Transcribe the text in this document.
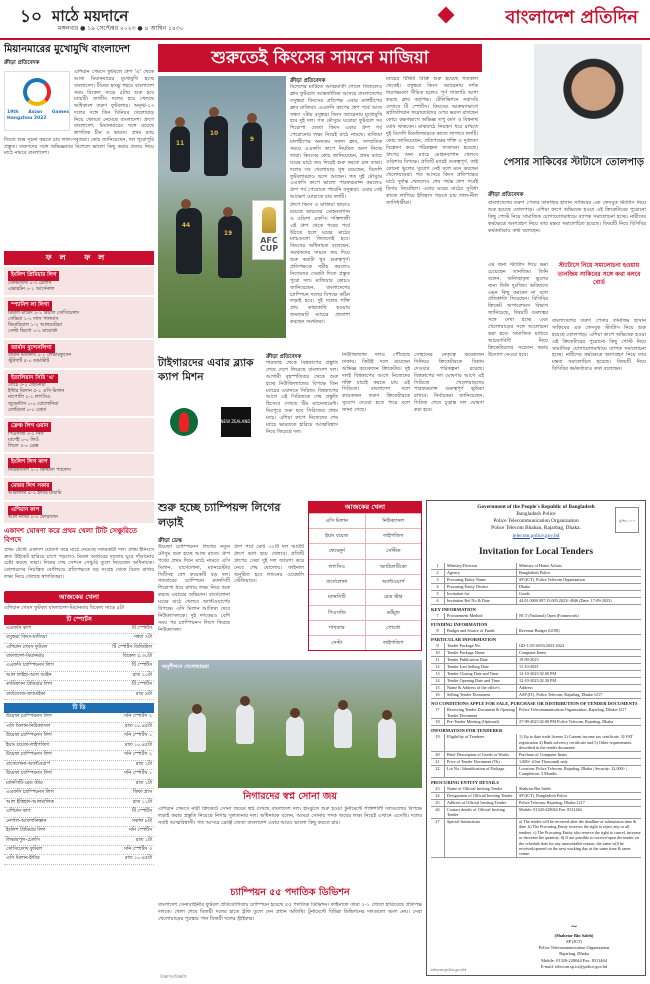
১০ মাঠে ময়দানে
মঙ্গলবার ● ১৯ সেপ্টেম্বর ২০২৩ ● ৪ আশ্বিন ১৪৩০
বাংলাদেশ প্রতিদিন
মিয়ানমারের মুখোমুখি বাংলাদেশ
ক্রীড়া প্রতিবেদক
19th Asian Games Hangzhou 2022
এশিয়ান গেমসে ফুটবলে গ্রুপ 'এ' থেকে আজ মিয়ানমারের মুখোমুখি হচ্ছে বাংলাদেশ। চীনের হাংঝু শহরে বাংলাদেশ সময় বিকেল সাড়ে ৫টায় শুরু হবে ম্যাচটি। জাতীয় দলের হয়ে খেলছে অধিকাংশ তরুণ ফুটবলার। অনূর্ধ্ব-২৩ দলের সঙ্গে তিন সিনিয়র খেলোয়াড় নিয়ে খেলতে নেমেছে বাংলাদেশ। গ্রুপে বাংলাদেশ, মিয়ানমারের সঙ্গে রয়েছে স্বাগতিক চীন ও ভারত। প্রথম ম্যাচ জিতে শুভ সূচনা করতে চায় লাল-সবুজরা। কোচ জানিয়েছেন, দল পুরোপুরি প্রস্তুত। তরুণদের সঙ্গে অভিজ্ঞতার মিশেলে ভালো কিছু করার প্রত্যয় নিয়ে মাঠে নামবে বাংলাদেশ।
ফল ফল
ইংলিশ প্রিমিয়ার লিগ
বোর্নমাউথ ০-৩ চেলসি
এভারটন ০-১ আর্সেনাল
স্প্যানিশ লা লিগা
রিয়াল মাদ্রিদ ২-১ রিয়াল সোসিয়েদাদ
সেভিয়া ১-১ লাস পালমাস
ভিয়ারিয়াল ১-২ আলমেরিয়া
সেল্টা ভিগো ০-১ মায়োর্কা
জার্মান বুন্দেসলিগা
বায়ার্ন মিউনিখ ২-১ লেভারকুসেন
স্টুটগার্ট ৫-০ ডার্মস্টাট
ইতালিয়ান সিরি 'এ'
লেচে ৩-২ জেনোয়া
ইন্টার মিলান ৫-১ এসি মিলান
নাপোলি ২-১ লাৎসিও
জুভেন্টাস ০-০ বোলোনিয়া
তোরিনো ০-০ রোমা
ফ্রেঞ্চ লিগ ওয়ান
পিএসজি ৩-১ নিস
মার্শেই ০-০ লিওঁ
লিলে ৩-০ ব্রেস্ত
ইংলিশ লিগ কাপ
নিউক্যাসল ২-১ ক্রিস্টাল প্যালেস
মেজর লিগ সকার
আটলান্টা ৫-২ ইন্টার মায়ামি
এশিয়ান কাপ
আল নাসর ২-০ ফোরজান
একাদশ ঘোষণা করে প্রথম খেলা টিটি সেঞ্চুরিতে বিপদে
প্রথম টেস্টে একাদশ ঘোষণা করে মাঠে নেমেছে সফরকারী দল। প্রথম ইনিংসে দ্রুত উইকেট হারিয়ে চাপে পড়লেও মিডল অর্ডারের দৃঢ়তায় ঘুরে দাঁড়ানোর চেষ্টা করছে তারা। দিনের শেষ সেশনে সেঞ্চুরি তুলে নিয়েছেন অধিনায়ক। বোলারদের নিয়ন্ত্রিত বোলিংয়ে প্রতিপক্ষকে বড় সংগ্রহ থেকে বিরত রাখার লক্ষ্য নিয়ে খেলছে স্বাগতিকরা।
আজকের খেলা
এশিয়ান গেমস ফুটবল বাংলাদেশ-মিয়ানমার বিকেল সাড়ে ৫টা
টি স্পোর্টস
এএফসি কাপ	টি স্পোর্টস
বসুন্ধরা কিংস-মাজিয়া	সন্ধ্যা ৭টা
এশিয়ান গেমস ফুটবল	টি স্পোর্টস ডিজিটাল
বাংলাদেশ-মিয়ানমার	বিকেল ৫.৩০টা
এএফসি চ্যাম্পিয়নস লিগ	টি স্পোর্টস
আল ফাইহা-আল আইন	রাত ১০টা
কার্ডিফ্যান প্রিমিয়ার লিগ	টি স্পোর্টস
বার্বাডোজ-জ্যামাইকা	রাত ৪টা
টি ডি
উয়েফা চ্যাম্পিয়নস লিগ	সনি স্পোর্টস ২
এসি মিলান-নিউক্যাসল	রাত ১০.৪৫টা
উয়েফা চ্যাম্পিয়নস লিগ	সনি স্পোর্টস ১
ইয়াং বয়েজ-লাইপজিগ	রাত ১০.৪৫টা
উয়েফা চ্যাম্পিয়নস লিগ	সনি স্পোর্টস ২
বার্সেলোনা-অ্যান্টওয়ার্প	রাত ১টা
উয়েফা চ্যাম্পিয়নস লিগ	সনি স্পোর্টস ১
ম্যানসিটি-রেড স্টার	রাত ১টা
এএফসি চ্যাম্পিয়নস লিগ	ফিফা প্লাস
আল ইত্তিহাদ-আলমালিক	রাত ১১টা
এশিয়ান কাপ	টি স্পোর্টস
নেপাল-আফগানিস্তান	সকাল ৮টা
ইংলিশ প্রিমিয়ার লিগ	সনি স্পোর্টস
লিভারপুল-চেলসি	রাত ১টা
সোসিয়েদাদ ফুটবল	সনি স্পোর্টস ৩
এসি মিলান-ইন্টার	রাত ১০.৪৫টা
শুরুতেই কিংসের সামনে মাজিয়া
11
10
9
44
19
AFC CUP
ক্রীড়া প্রতিবেদক
বিদেশের মাটিতে আত্মঘাতী গোলে জিতলেও ক্লাব ফুটবলে আন্তর্জাতিক আসরে বাংলাদেশের বসুন্ধরা কিংসের প্রতিপক্ষ এবার মালদ্বীপের ক্লাব মাজিয়া। এএফসি কাপের গ্রুপ পর্বে আজ সন্ধ্যা ৭টায় বসুন্ধরা কিংস অ্যারেনায় মুখোমুখি হবে দুই দল। গত মৌসুমে ঘরোয়া ফুটবলে সব শিরোপা জেতা কিংস এবার গ্রুপ পর্ব পেরোনোর লক্ষ্য নিয়েই মাঠে নামছে। মাজিয়া মালদ্বীপের অন্যতম সফল ক্লাব, সাম্প্রতিক সময়ে এএফসি কাপে নিয়মিত অংশ নিচ্ছে তারা। কিংসের কোচ জানিয়েছেন, প্রথম ম্যাচে ঘরের মাঠে জয় দিয়েই শুরু করতে চান তারা। দলের সব খেলোয়াড় সুস্থ রয়েছেন, বিদেশি ফুটবলাররাও ছন্দে আছেন। গত দুই মৌসুমে এএফসি কাপে ভালো পারফরম্যান্স করলেও গ্রুপ পর্ব পেরোতে পারেনি বসুন্ধরা। এবার সেই আক্ষেপ ঘোচাতে চায় দলটি।
গ্রুপে কিংস ও মাজিয়া ছাড়াও রয়েছে ভারতের মোহনবাগান ও ওড়িশা এফসি। শক্তিশালী এই গ্রুপ থেকে পরের পর্বে উঠতে হলে ঘরের মাঠের ম্যাচগুলো জিততেই হবে। কিংসের অধিনায়ক বলেছেন, সমর্থকদের সামনে জয় দিয়ে শুরু করাটা খুব গুরুত্বপূর্ণ। প্রতিপক্ষকে সমীহ করলেও নিজেদের সেরাটা দিতে প্রস্তুত পুরো দল। মাজিয়ার কোচও জানিয়েছেন, বাংলাদেশের চ্যাম্পিয়ন দলের বিপক্ষে কঠিন লড়াই হবে। দুই দলের শক্তি প্রায় কাছাকাছি হওয়ায় জমজমাট ম্যাচের প্রত্যাশা করছেন সমর্থকরা।
ম্যাচের টিকিট বিক্রি শুরু হয়েছে গতকাল থেকেই। বসুন্ধরা কিংস অ্যারেনায় দর্শক ধারণক্ষমতা সীমিত হলেও পূর্ণ গ্যালারি আশা করছে ক্লাব কর্তৃপক্ষ। টেলিভিশনে সরাসরি দেখাবে টি স্পোর্টস। কিংসের আক্রমণভাগে ব্রাজিলিয়ান ফরোয়ার্ডদের ওপর ভরসা রাখছেন কোচ। রক্ষণভাগে অভিজ্ঞ তপু বর্মণ ও বিশ্বনাথ ঘোষ থাকবেন। মাঝমাঠে নিয়ন্ত্রণ ধরে রাখতে দুই বিদেশি মিডফিল্ডারকে কাজে লাগাবে দলটি। কোচ জানিয়েছেন, প্রতিপক্ষের শক্তি ও দুর্বলতা বিশ্লেষণ করে পরিকল্পনা সাজানো হয়েছে। গ্রুপের অন্য ম্যাচে মোহনবাগান খেলবে ওড়িশার বিপক্ষে। প্রতিটি ম্যাচই গুরুত্বপূর্ণ, তাই কোনো ভুলের সুযোগ নেই বলে মনে করছেন খেলোয়াড়রা। গত আসরে কিংস প্রতিপক্ষের মাঠে দুর্দান্ত খেললেও শেষ পর্যন্ত গ্রুপ পর্বেই বিদায় নিয়েছিল। এবার ঘরের মাঠের সুবিধা কাজে লাগিয়ে ইতিহাস গড়তে চায় লাল-নীল জার্সিধারীরা।
পেসার সাকিবের স্টাটাসে তোলপাড়
ক্রীড়া প্রতিবেদক
বাংলাদেশের তরুণ পেসার তানজিম হাসান সাকিবের এক ফেসবুক স্ট্যাটাস নিয়ে শুরু হয়েছে তোলপাড়। এশিয়া কাপে অভিষেক হওয়া এই ক্রিকেটারের পুরোনো কিছু পোস্ট নিয়ে সামাজিক যোগাযোগমাধ্যমে ব্যাপক সমালোচনা হচ্ছে। নারীদের কর্মক্ষেত্রে অংশগ্রহণ নিয়ে তার মন্তব্য সমালোচিত হয়েছে। বিষয়টি নিয়ে বিসিবির কর্মকর্তারাও কথা বলেছেন।
স্ট্যাটাসে নিয়ে সমালোচনা হওয়ায় তানজিম সাকিবের সঙ্গে কথা বলবে বোর্ড
এর জন্য স্ট্যাটাস দিয়ে ক্ষমা চেয়েছেন তানজিম। তিনি বলেন, অনিচ্ছাকৃত ভুলের জন্য তিনি দুঃখিত। ভবিষ্যতে এমন কিছু করবেন না বলে প্রতিশ্রুতি দিয়েছেন। বিসিবির ক্রিকেট অপারেশনস বিভাগ জানিয়েছে, বিষয়টি গুরুত্বের সঙ্গে দেখা হচ্ছে এবং খেলোয়াড়ের সঙ্গে আলোচনা করা হবে। সামাজিক মাধ্যমে আচরণবিধি নিয়ে ক্রিকেটারদের সচেতন করার উদ্যোগ নেওয়া হবে।
বাংলাদেশের তরুণ পেসার তানজিম হাসান সাকিবের এক ফেসবুক স্ট্যাটাস নিয়ে শুরু হয়েছে তোলপাড়। এশিয়া কাপে অভিষেক হওয়া এই ক্রিকেটারের পুরোনো কিছু পোস্ট নিয়ে সামাজিক যোগাযোগমাধ্যমে ব্যাপক সমালোচনা হচ্ছে। নারীদের কর্মক্ষেত্রে অংশগ্রহণ নিয়ে তার মন্তব্য সমালোচিত হয়েছে। বিষয়টি নিয়ে বিসিবির কর্মকর্তারাও কথা বলেছেন।
টাইগারদের এবার ব্ল্যাক ক্যাপ মিশন
NEW ZEALAND CRICKET
ক্রীড়া প্রতিবেদক
শারজাহ থেকে বিশ্বকাপের প্রস্তুতি শেষে দেশে ফিরেছে বাংলাদেশ দল। আগামী বৃহস্পতিবার থেকে শুরু হচ্ছে নিউজিল্যান্ডের বিপক্ষে তিন ম্যাচের ওয়ানডে সিরিজ। বিশ্বকাপের আগে এই সিরিজকে শেষ প্রস্তুতি হিসেবে দেখছে টিম ম্যানেজমেন্ট। মিরপুরে শুরু হবে সিরিজের প্রথম ম্যাচ। এশিয়া কাপে নিজেদের শেষ ম্যাচে ভারতকে হারিয়ে আত্মবিশ্বাস নিয়ে ফিরেছে দল।
নিউজিল্যান্ড দলও পৌঁছেছে ঢাকায়। কিউই দলে রয়েছেন অভিজ্ঞ কয়েকজন ক্রিকেটার। দুই দলই বিশ্বকাপের আগে নিজেদের শক্তি যাচাই করতে চায় এই সিরিজে। বাংলাদেশ দলে কয়েকজন তরুণ ক্রিকেটারকে সুযোগ দেওয়া হতে পারে বলে জানা গেছে।
সোহানের নেতৃত্বে কয়েকজন সিনিয়র ক্রিকেটারকে বিশ্রাম দেওয়ার পরিকল্পনা রয়েছে। বিশ্বকাপের দল ঘোষণার আগে এই সিরিজে খেলোয়াড়দের পারফরম্যান্স গুরুত্বপূর্ণ ভূমিকা রাখবে। নির্বাচকরা জানিয়েছেন, সিরিজ শেষে চূড়ান্ত দল ঘোষণা করা হবে।
শুরু হচ্ছে চ্যাম্পিয়ন্স লিগের লড়াই
ক্রীড়া ডেস্ক
উয়েফা চ্যাম্পিয়নস লিগের নতুন মৌসুম শুরু হচ্ছে আজ রাতে। গ্রুপ পর্বের প্রথম দিনে মাঠে নামবে এসি মিলান, বার্সেলোনা, ম্যানচেস্টার সিটিসহ বেশ কয়েকটি বড় দল। গতবারের চ্যাম্পিয়ন ম্যানসিটি শিরোপা ধরে রাখার লক্ষ্য নিয়ে শুরু করছে এবারের অভিযান। বার্সেলোনা ঘরের মাঠে খেলবে অ্যান্টওয়ার্পের বিপক্ষে। এসি মিলান আতিথ্য দেবে নিউক্যাসলকে। দুই দশকেরও বেশি সময় পর চ্যাম্পিয়নস লিগে ফিরছে নিউক্যাসল।
গ্রুপ পর্বে মোট ৩২টি দল আটটি গ্রুপে ভাগ হয়ে খেলবে। প্রতিটি গ্রুপের সেরা দুই দল জায়গা করে নেবে শেষ ষোলোয়। ফাইনাল অনুষ্ঠিত হবে লন্ডনের ওয়েম্বলি স্টেডিয়ামে।
আজকের খেলা
এসি মিলান	নিউক্যাসল
ইয়াং বয়েজ	লাইপজিগ
ফেয়েনুর্দ	সেল্টিক
লাৎসিও	অ্যাটলেটিকো
বার্সেলোনা	অ্যান্টওয়ার্প
ম্যানসিটি	রেড স্টার
পিএসজি	ডর্টমুন্ড
শাখতার	পোর্তো
সেল্টা	লাইপজিগ
অনুশীলনে খেলোয়াড়রা
নিগারদের স্বপ্ন সোনা জয়
এশিয়ান গেমসে নারী ক্রিকেটে সোনা জয়ের স্বপ্ন দেখছে বাংলাদেশ দল। হাংঝুতে শুরু হওয়া টুর্নামেন্টে শক্তিশালী দলগুলোর বিপক্ষে লড়াই করার প্রস্তুতি নিয়েছে নিগার সুলতানার দল। অধিনায়ক বলেন, আমরা সোনার পদক জয়ের লক্ষ্য নিয়েই এখানে এসেছি। দলের সবাই আত্মবিশ্বাসী। গত আসরে ব্রোঞ্জ জেতা বাংলাদেশ এবার আরও ভালো কিছু করতে চায়।
চ্যাম্পিয়ন ৫৫ পদাতিক ডিভিশন
বাংলাদেশ সেনাবাহিনীর ফুটবল প্রতিযোগিতায় চ্যাম্পিয়ন হয়েছে ৫৫ পদাতিক ডিভিশন। ফাইনালে তারা ২-১ গোলে হারিয়েছে প্রতিপক্ষ দলকে। খেলা শেষে বিজয়ী দলের হাতে ট্রফি তুলে দেন প্রধান অতিথি। টুর্নামেন্টে বিভিন্ন ডিভিশনের দলগুলো অংশ নেয়। সেরা খেলোয়াড়ের পুরস্কার পান বিজয়ী দলের স্ট্রাইকার।
মুজিব ১০০
Government of the People's Republic of Bangladesh
Bangladesh Police
Police Telecommunication Organization
Police Telecom Bhaban, Rajarbag, Dhaka.
telecom.police.gov.bd
Invitation for Local Tenders
1	Ministry/Division	Ministry of Home Affairs
2	Agency	Bangladesh Police
3	Procuring Entity Name	SP (ICT), Police Telecom Organization
4	Procuring Entity District	Dhaka
5	Invitation for	Goods
6	Invitation Ref No & Date	44.01.0000.097.33.005.2023/-4946 (Date: 17-09-2023)
KEY INFORMATION
7	Procurement Method	NCT (National) Open (Framework)
FUNDING INFORMATION
8	Budget and Source of Funds	Revenue Budget (GOB)
PARTICULAR INFORMATION
9	Tender Package No.	GD-1/25/10/03/2023-2024
10	Tender Package Name	Computer Items
11	Tender Publication Date	19-09-2023
12	Tender Last Selling Date	11-10-2023
13	Tender Closing Date and Time	12-10-2023 02.00 PM
14	Tender Opening Date and Time	12-10-2023 02.30 PM
15	Name & Address of the office's	Address
16	Selling Tender Document	ASP (IT), Police Telecom, Rajarbag, Dhaka-1217
NO CONDITIONS APPLY FOR SALE, PURCHASE OR DISTRIBUTION OF TENDER DOCUMENTS
17	Receiving Tender Document & Opening Tender Document
Police Telecommunication Organization, Rajarbag, Dhaka-1217
18	Pre-Tender Meeting (Optional)	27-09-2023 02.00 PM Police Telecom, Rajarbag, Dhaka
INFORMATION FOR TENDERER
19	Eligibility of Tenderer	1) Up to date trade license 2) Current income tax certificate, 3) VAT registration 4) Bank solvency certificate and 5) Other requirements described in the tender document.
20	Brief Description of Goods or Works	Purchase of Computer Items
21	Price of Tender Document (Tk)	1,000/- (One Thousand) only
22	Lot No / Identification of Package	Location: Police Telecom, Rajarbag, Dhaka | Security: 22,000/- | Completion: 3 Months
PROCURING ENTITY DETAILS
23	Name of Official Inviting Tender	Shahriar Bin Saleh
24	Designation of Official Inviting Tender	SP (ICT), Bangladesh Police
25	Address of Official Inviting Tender	Police Telecom, Rajarbag, Dhaka-1217
26	Contact details of Official Inviting Tender
Mobile: 01320-228044 Fax: 8311464
27	Special Instructions	a) The tender will be received after the deadline of submission time & date. b) The Procuring Entity reserves the right to reject any or all tenders. c) The Procuring Entity also reserve the right to cancel, increase or decrease the quantity. d) If not possible to receive/open the tender on the schedule date for any unavoidable reason, the same will be received/opened on the next working day at the same time & same venue.
~
(Shahriar Bin Saleh)
SP (ICT)
Police Telecommunication Organization
Rajarbag, Dhaka
Mobile: 01320-228044 Fax: 8311464
E-mail: telecom.sp.ict@police.gov.bd
telecom.police.gov.bd
বিজ্ঞাপন/বিজ্ঞপ্তি
